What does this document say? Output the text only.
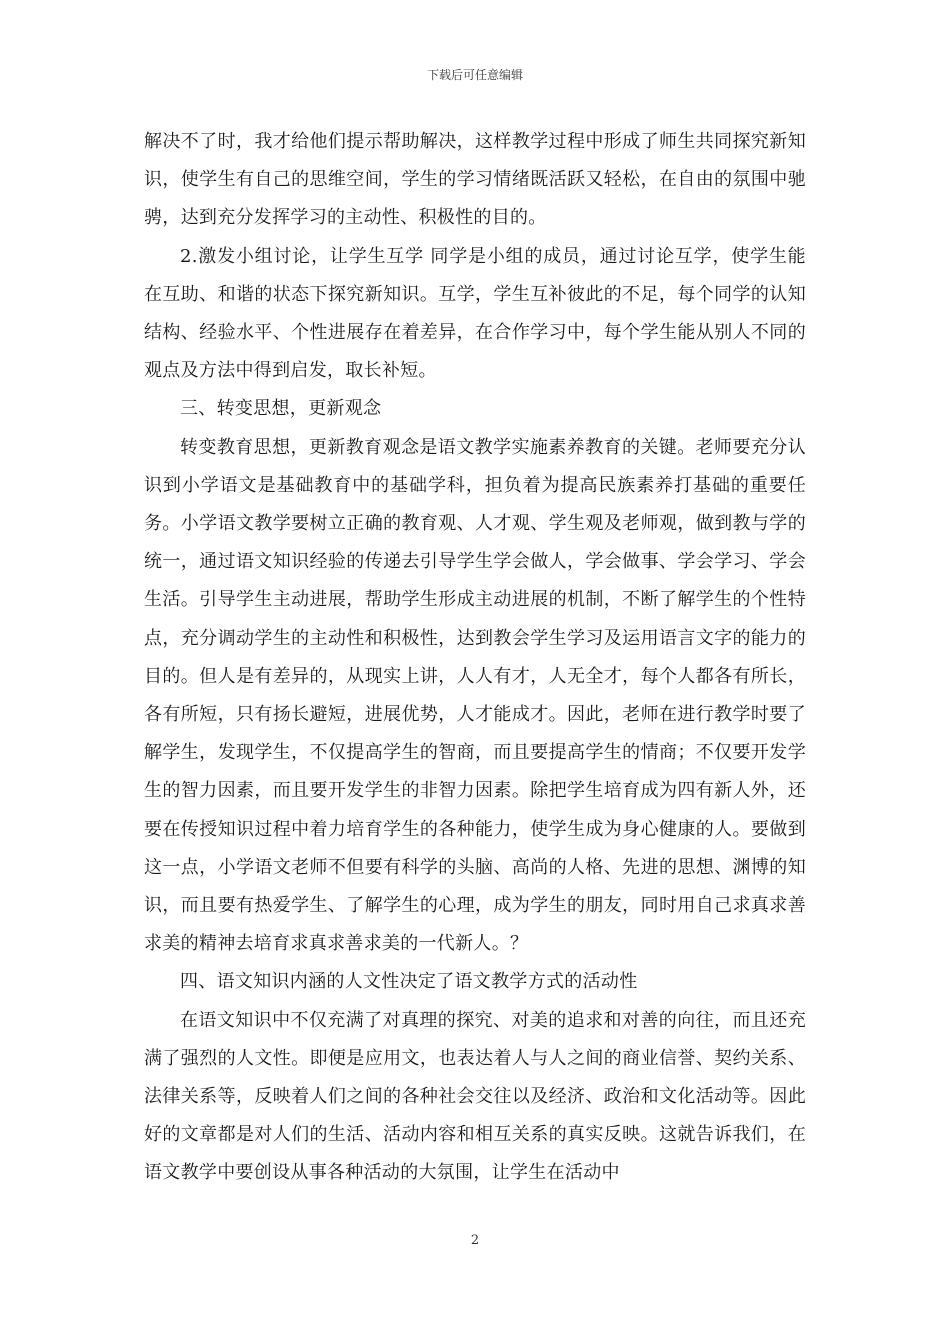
下载后可任意编辑

解决不了时，我才给他们提示帮助解决，这样教学过程中形成了师生共同探究新知识，使学生有自己的思维空间，学生的学习情绪既活跃又轻松，在自由的氛围中驰骋，达到充分发挥学习的主动性、积极性的目的。

2.激发小组讨论，让学生互学 同学是小组的成员，通过讨论互学，使学生能在互助、和谐的状态下探究新知识。互学，学生互补彼此的不足，每个同学的认知结构、经验水平、个性进展存在着差异，在合作学习中，每个学生能从别人不同的观点及方法中得到启发，取长补短。

三、转变思想，更新观念

转变教育思想，更新教育观念是语文教学实施素养教育的关键。老师要充分认识到小学语文是基础教育中的基础学科，担负着为提高民族素养打基础的重要任务。小学语文教学要树立正确的教育观、人才观、学生观及老师观，做到教与学的统一，通过语文知识经验的传递去引导学生学会做人，学会做事、学会学习、学会生活。引导学生主动进展，帮助学生形成主动进展的机制，不断了解学生的个性特点，充分调动学生的主动性和积极性，达到教会学生学习及运用语言文字的能力的目的。但人是有差异的，从现实上讲，人人有才，人无全才，每个人都各有所长，各有所短，只有扬长避短，进展优势，人才能成才。因此，老师在进行教学时要了解学生，发现学生，不仅提高学生的智商，而且要提高学生的情商；不仅要开发学生的智力因素，而且要开发学生的非智力因素。除把学生培育成为四有新人外，还要在传授知识过程中着力培育学生的各种能力，使学生成为身心健康的人。要做到这一点，小学语文老师不但要有科学的头脑、高尚的人格、先进的思想、渊博的知识，而且要有热爱学生、了解学生的心理，成为学生的朋友，同时用自己求真求善求美的精神去培育求真求善求美的一代新人。？

四、语文知识内涵的人文性决定了语文教学方式的活动性

在语文知识中不仅充满了对真理的探究、对美的追求和对善的向往，而且还充满了强烈的人文性。即便是应用文，也表达着人与人之间的商业信誉、契约关系、法律关系等，反映着人们之间的各种社会交往以及经济、政治和文化活动等。因此好的文章都是对人们的生活、活动内容和相互关系的真实反映。这就告诉我们，在语文教学中要创设从事各种活动的大氛围，让学生在活动中

2
